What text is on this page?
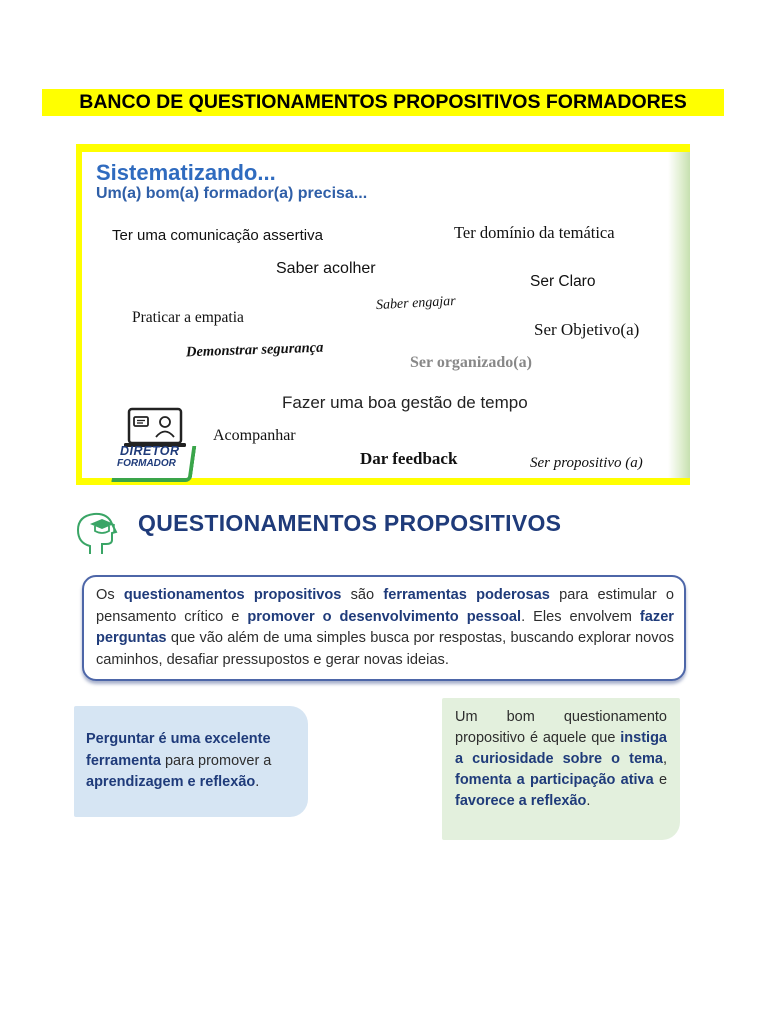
BANCO DE QUESTIONAMENTOS PROPOSITIVOS FORMADORES
Sistematizando...
Um(a) bom(a) formador(a) precisa...
Ter uma comunicação assertiva	Ter domínio da temática
Saber acolher
Ser Claro
Saber engajar
Praticar a empatia
Ser Objetivo(a)
Demonstrar segurança
Ser organizado(a)
Fazer uma boa gestão de tempo
Acompanhar
Dar feedback	Ser propositivo (a)
DIRETOR
FORMADOR
QUESTIONAMENTOS PROPOSITIVOS
Os questionamentos propositivos são ferramentas poderosas para estimular o pensamento crítico e promover o desenvolvimento pessoal. Eles envolvem fazer perguntas que vão além de uma simples busca por respostas, buscando explorar novos caminhos, desafiar pressupostos e gerar novas ideias.
Perguntar é uma excelente ferramenta para promover a aprendizagem e reflexão.
Um bom questionamento propositivo é aquele que instiga a curiosidade sobre o tema, fomenta a participação ativa e favorece a reflexão.
